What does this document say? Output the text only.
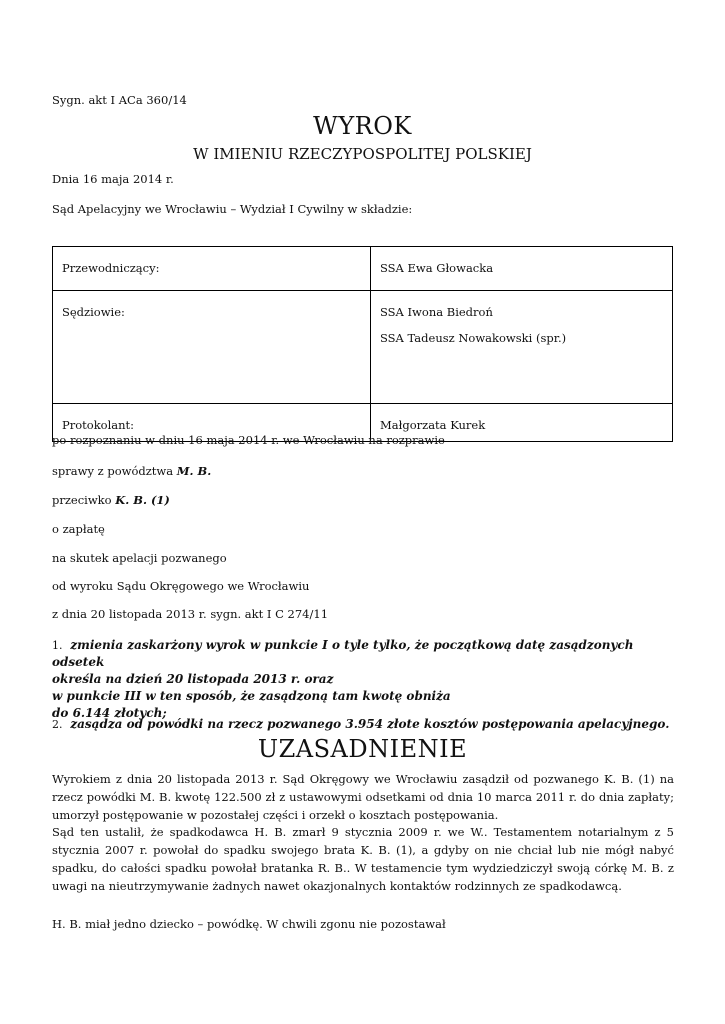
Sygn. akt I ACa 360/14

WYROK

W IMIENIU RZECZYPOSPOLITEJ POLSKIEJ

Dnia 16 maja 2014 r.

Sąd Apelacyjny we Wrocławiu – Wydział I Cywilny w składzie:

Przewodniczący:	SSA Ewa Głowacka
Sędziowie:	SSA Iwona Biedroń
SSA Tadeusz Nowakowski (spr.)

Protokolant:	Małgorzata Kurek

po rozpoznaniu w dniu 16 maja 2014 r. we Wrocławiu na rozprawie

sprawy z powództwa M. B.

przeciwko K. B. (1)

o zapłatę

na skutek apelacji pozwanego

od wyroku Sądu Okręgowego we Wrocławiu

z dnia 20 listopada 2013 r. sygn. akt I C 274/11

1. zmienia zaskarżony wyrok w punkcie I o tyle tylko, że początkową datę zasądzonych odsetek
określa na dzień 20 listopada 2013 r. oraz
w punkcie III w ten sposób, że zasądzoną tam kwotę obniża
do 6.144 złotych;
2. zasądza od powódki na rzecz pozwanego 3.954 złote kosztów postępowania apelacyjnego.

UZASADNIENIE

Wyrokiem z dnia 20 listopada 2013 r. Sąd Okręgowy we Wrocławiu zasądził od pozwanego K. B. (1) na rzecz powódki M. B. kwotę 122.500 zł z ustawowymi odsetkami od dnia 10 marca 2011 r. do dnia zapłaty; umorzył postępowanie w pozostałej części i orzekł o kosztach postępowania.

Sąd ten ustalił, że spadkodawca H. B. zmarł 9 stycznia 2009 r. we W.. Testamentem notarialnym z 5 stycznia 2007 r. powołał do spadku swojego brata K. B. (1), a gdyby on nie chciał lub nie mógł nabyć spadku, do całości spadku powołał bratanka R. B.. W testamencie tym wydziedziczył swoją córkę M. B. z uwagi na nieutrzymywanie żadnych nawet okazjonalnych kontaktów rodzinnych ze spadkodawcą.

H. B. miał jedno dziecko – powódkę. W chwili zgonu nie pozostawał
